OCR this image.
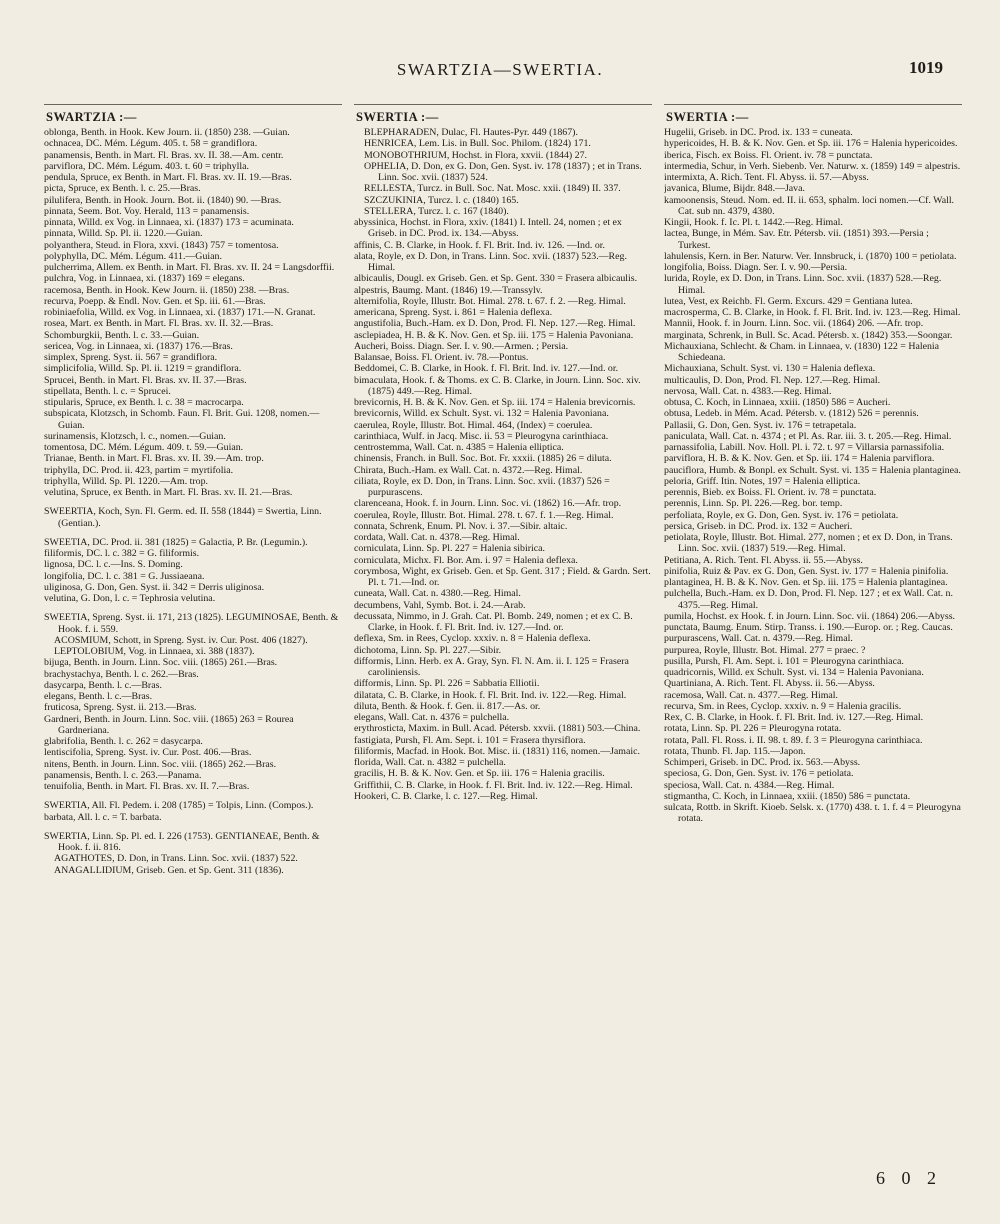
SWARTZIA—SWERTIA.	1019
SWARTZIA :—

oblonga, Benth. in Hook. Kew Journ. ii. (1850) 238. —Guian.

ochnacea, DC. Mém. Légum. 405. t. 58 = grandiflora.

panamensis, Benth. in Mart. Fl. Bras. xv. II. 38.—Am. centr.

parviflora, DC. Mém. Légum. 403. t. 60 = triphylla.

pendula, Spruce, ex Benth. in Mart. Fl. Bras. xv. II. 19.—Bras.

picta, Spruce, ex Benth. l. c. 25.—Bras.

pilulifera, Benth. in Hook. Journ. Bot. ii. (1840) 90. —Bras.

pinnata, Seem. Bot. Voy. Herald, 113 = panamensis.

pinnata, Willd. ex Vog. in Linnaea, xi. (1837) 173 = acuminata.

pinnata, Willd. Sp. Pl. ii. 1220.—Guian.

polyanthera, Steud. in Flora, xxvi. (1843) 757 = tomentosa.

polyphylla, DC. Mém. Légum. 411.—Guian.

pulcherrima, Allem. ex Benth. in Mart. Fl. Bras. xv. II. 24 = Langsdorffii.

pulchra, Vog. in Linnaea, xi. (1837) 169 = elegans.

racemosa, Benth. in Hook. Kew Journ. ii. (1850) 238. —Bras.

recurva, Poepp. & Endl. Nov. Gen. et Sp. iii. 61.—Bras.

robiniaefolia, Willd. ex Vog. in Linnaea, xi. (1837) 171.—N. Granat.

rosea, Mart. ex Benth. in Mart. Fl. Bras. xv. II. 32.—Bras.

Schomburgkii, Benth. l. c. 33.—Guian.

sericea, Vog. in Linnaea, xi. (1837) 176.—Bras.

simplex, Spreng. Syst. ii. 567 = grandiflora.

simplicifolia, Willd. Sp. Pl. ii. 1219 = grandiflora.

Sprucei, Benth. in Mart. Fl. Bras. xv. II. 37.—Bras.

stipellata, Benth. l. c. = Sprucei.

stipularis, Spruce, ex Benth. l. c. 38 = macrocarpa.

subspicata, Klotzsch, in Schomb. Faun. Fl. Brit. Gui. 1208, nomen.—Guian.

surinamensis, Klotzsch, l. c., nomen.—Guian.

tomentosa, DC. Mém. Légum. 409. t. 59.—Guian.

Trianae, Benth. in Mart. Fl. Bras. xv. II. 39.—Am. trop.

triphylla, DC. Prod. ii. 423, partim = myrtifolia.

triphylla, Willd. Sp. Pl. 1220.—Am. trop.

velutina, Spruce, ex Benth. in Mart. Fl. Bras. xv. II. 21.—Bras.

SWEERTIA, Koch, Syn. Fl. Germ. ed. II. 558 (1844) = Swertia, Linn. (Gentian.).

SWEETIA, DC. Prod. ii. 381 (1825) = Galactia, P. Br. (Legumin.).

filiformis, DC. l. c. 382 = G. filiformis.

lignosa, DC. l. c.—Ins. S. Doming.

longifolia, DC. l. c. 381 = G. Jussiaeana.

uliginosa, G. Don, Gen. Syst. ii. 342 = Derris uliginosa.

velutina, G. Don, l. c. = Tephrosia velutina.

SWEETIA, Spreng. Syst. ii. 171, 213 (1825). LEGUMINOSAE, Benth. & Hook. f. i. 559.

ACOSMIUM, Schott, in Spreng. Syst. iv. Cur. Post. 406 (1827).

LEPTOLOBIUM, Vog. in Linnaea, xi. 388 (1837).

bijuga, Benth. in Journ. Linn. Soc. viii. (1865) 261.—Bras.

brachystachya, Benth. l. c. 262.—Bras.

dasycarpa, Benth. l. c.—Bras.

elegans, Benth. l. c.—Bras.

fruticosa, Spreng. Syst. ii. 213.—Bras.

Gardneri, Benth. in Journ. Linn. Soc. viii. (1865) 263 = Rourea Gardneriana.

glabrifolia, Benth. l. c. 262 = dasycarpa.

lentiscifolia, Spreng. Syst. iv. Cur. Post. 406.—Bras.

nitens, Benth. in Journ. Linn. Soc. viii. (1865) 262.—Bras.

panamensis, Benth. l. c. 263.—Panama.

tenuifolia, Benth. in Mart. Fl. Bras. xv. II. 7.—Bras.

SWERTIA, All. Fl. Pedem. i. 208 (1785) = Tolpis, Linn. (Compos.).

barbata, All. l. c. = T. barbata.

SWERTIA, Linn. Sp. Pl. ed. I. 226 (1753). GENTIANEAE, Benth. & Hook. f. ii. 816.

AGATHOTES, D. Don, in Trans. Linn. Soc. xvii. (1837) 522.

ANAGALLIDIUM, Griseb. Gen. et Sp. Gent. 311 (1836).

SWERTIA :—

BLEPHARADEN, Dulac, Fl. Hautes-Pyr. 449 (1867).

HENRICEA, Lem. Lis. in Bull. Soc. Philom. (1824) 171.

MONOBOTHRIUM, Hochst. in Flora, xxvii. (1844) 27.

OPHELIA, D. Don, ex G. Don, Gen. Syst. iv. 178 (1837) ; et in Trans. Linn. Soc. xvii. (1837) 524.

RELLESTA, Turcz. in Bull. Soc. Nat. Mosc. xxii. (1849) II. 337.

SZCZUKINIA, Turcz. l. c. (1840) 165.

STELLERA, Turcz. l. c. 167 (1840).

abyssinica, Hochst. in Flora, xxiv. (1841) I. Intell. 24, nomen ; et ex Griseb. in DC. Prod. ix. 134.—Abyss.

affinis, C. B. Clarke, in Hook. f. Fl. Brit. Ind. iv. 126. —Ind. or.

alata, Royle, ex D. Don, in Trans. Linn. Soc. xvii. (1837) 523.—Reg. Himal.

albicaulis, Dougl. ex Griseb. Gen. et Sp. Gent. 330 = Frasera albicaulis.

alpestris, Baumg. Mant. (1846) 19.—Transsylv.

alternifolia, Royle, Illustr. Bot. Himal. 278. t. 67. f. 2. —Reg. Himal.

americana, Spreng. Syst. i. 861 = Halenia deflexa.

angustifolia, Buch.-Ham. ex D. Don, Prod. Fl. Nep. 127.—Reg. Himal.

asclepiadea, H. B. & K. Nov. Gen. et Sp. iii. 175 = Halenia Pavoniana.

Aucheri, Boiss. Diagn. Ser. I. v. 90.—Armen. ; Persia.

Balansae, Boiss. Fl. Orient. iv. 78.—Pontus.

Beddomei, C. B. Clarke, in Hook. f. Fl. Brit. Ind. iv. 127.—Ind. or.

bimaculata, Hook. f. & Thoms. ex C. B. Clarke, in Journ. Linn. Soc. xiv. (1875) 449.—Reg. Himal.

brevicornis, H. B. & K. Nov. Gen. et Sp. iii. 174 = Halenia brevicornis.

brevicornis, Willd. ex Schult. Syst. vi. 132 = Halenia Pavoniana.

caerulea, Royle, Illustr. Bot. Himal. 464, (Index) = coerulea.

carinthiaca, Wulf. in Jacq. Misc. ii. 53 = Pleurogyna carinthiaca.

centrostemma, Wall. Cat. n. 4385 = Halenia elliptica.

chinensis, Franch. in Bull. Soc. Bot. Fr. xxxii. (1885) 26 = diluta.

Chirata, Buch.-Ham. ex Wall. Cat. n. 4372.—Reg. Himal.

ciliata, Royle, ex D. Don, in Trans. Linn. Soc. xvii. (1837) 526 = purpurascens.

clarenceana, Hook. f. in Journ. Linn. Soc. vi. (1862) 16.—Afr. trop.

coerulea, Royle, Illustr. Bot. Himal. 278. t. 67. f. 1.—Reg. Himal.

connata, Schrenk, Enum. Pl. Nov. i. 37.—Sibir. altaic.

cordata, Wall. Cat. n. 4378.—Reg. Himal.

corniculata, Linn. Sp. Pl. 227 = Halenia sibirica.

corniculata, Michx. Fl. Bor. Am. i. 97 = Halenia deflexa.

corymbosa, Wight, ex Griseb. Gen. et Sp. Gent. 317 ; Field. & Gardn. Sert. Pl. t. 71.—Ind. or.

cuneata, Wall. Cat. n. 4380.—Reg. Himal.

decumbens, Vahl, Symb. Bot. i. 24.—Arab.

decussata, Nimmo, in J. Grah. Cat. Pl. Bomb. 249, nomen ; et ex C. B. Clarke, in Hook. f. Fl. Brit. Ind. iv. 127.—Ind. or.

deflexa, Sm. in Rees, Cyclop. xxxiv. n. 8 = Halenia deflexa.

dichotoma, Linn. Sp. Pl. 227.—Sibir.

difformis, Linn. Herb. ex A. Gray, Syn. Fl. N. Am. ii. I. 125 = Frasera caroliniensis.

difformis, Linn. Sp. Pl. 226 = Sabbatia Elliotii.

dilatata, C. B. Clarke, in Hook. f. Fl. Brit. Ind. iv. 122.—Reg. Himal.

diluta, Benth. & Hook. f. Gen. ii. 817.—As. or.

elegans, Wall. Cat. n. 4376 = pulchella.

erythrosticta, Maxim. in Bull. Acad. Pétersb. xxvii. (1881) 503.—China.

fastigiata, Pursh, Fl. Am. Sept. i. 101 = Frasera thyrsiflora.

filiformis, Macfad. in Hook. Bot. Misc. ii. (1831) 116, nomen.—Jamaic.

florida, Wall. Cat. n. 4382 = pulchella.

gracilis, H. B. & K. Nov. Gen. et Sp. iii. 176 = Halenia gracilis.

Griffithii, C. B. Clarke, in Hook. f. Fl. Brit. Ind. iv. 122.—Reg. Himal.

Hookeri, C. B. Clarke, l. c. 127.—Reg. Himal.

SWERTIA :—

Hugelii, Griseb. in DC. Prod. ix. 133 = cuneata.

hypericoides, H. B. & K. Nov. Gen. et Sp. iii. 176 = Halenia hypericoides.

iberica, Fisch. ex Boiss. Fl. Orient. iv. 78 = punctata.

intermedia, Schur, in Verh. Siebenb. Ver. Naturw. x. (1859) 149 = alpestris.

intermixta, A. Rich. Tent. Fl. Abyss. ii. 57.—Abyss.

javanica, Blume, Bijdr. 848.—Java.

kamoonensis, Steud. Nom. ed. II. ii. 653, sphalm. loci nomen.—Cf. Wall. Cat. sub nn. 4379, 4380.

Kingii, Hook. f. Ic. Pl. t. 1442.—Reg. Himal.

lactea, Bunge, in Mém. Sav. Etr. Pétersb. vii. (1851) 393.—Persia ; Turkest.

lahulensis, Kern. in Ber. Naturw. Ver. Innsbruck, i. (1870) 100 = petiolata.

longifolia, Boiss. Diagn. Ser. I. v. 90.—Persia.

lurida, Royle, ex D. Don, in Trans. Linn. Soc. xvii. (1837) 528.—Reg. Himal.

lutea, Vest, ex Reichb. Fl. Germ. Excurs. 429 = Gentiana lutea.

macrosperma, C. B. Clarke, in Hook. f. Fl. Brit. Ind. iv. 123.—Reg. Himal.

Mannii, Hook. f. in Journ. Linn. Soc. vii. (1864) 206. —Afr. trop.

marginata, Schrenk, in Bull. Sc. Acad. Pétersb. x. (1842) 353.—Soongar.

Michauxiana, Schlecht. & Cham. in Linnaea, v. (1830) 122 = Halenia Schiedeana.

Michauxiana, Schult. Syst. vi. 130 = Halenia deflexa.

multicaulis, D. Don, Prod. Fl. Nep. 127.—Reg. Himal.

nervosa, Wall. Cat. n. 4383.—Reg. Himal.

obtusa, C. Koch, in Linnaea, xxiii. (1850) 586 = Aucheri.

obtusa, Ledeb. in Mém. Acad. Pétersb. v. (1812) 526 = perennis.

Pallasii, G. Don, Gen. Syst. iv. 176 = tetrapetala.

paniculata, Wall. Cat. n. 4374 ; et Pl. As. Rar. iii. 3. t. 205.—Reg. Himal.

parnassifolia, Labill. Nov. Holl. Pl. i. 72. t. 97 = Villarsia parnassifolia.

parviflora, H. B. & K. Nov. Gen. et Sp. iii. 174 = Halenia parviflora.

pauciflora, Humb. & Bonpl. ex Schult. Syst. vi. 135 = Halenia plantaginea.

peloria, Griff. Itin. Notes, 197 = Halenia elliptica.

perennis, Bieb. ex Boiss. Fl. Orient. iv. 78 = punctata.

perennis, Linn. Sp. Pl. 226.—Reg. bor. temp.

perfoliata, Royle, ex G. Don, Gen. Syst. iv. 176 = petiolata.

persica, Griseb. in DC. Prod. ix. 132 = Aucheri.

petiolata, Royle, Illustr. Bot. Himal. 277, nomen ; et ex D. Don, in Trans. Linn. Soc. xvii. (1837) 519.—Reg. Himal.

Petitiana, A. Rich. Tent. Fl. Abyss. ii. 55.—Abyss.

pinifolia, Ruiz & Pav. ex G. Don, Gen. Syst. iv. 177 = Halenia pinifolia.

plantaginea, H. B. & K. Nov. Gen. et Sp. iii. 175 = Halenia plantaginea.

pulchella, Buch.-Ham. ex D. Don, Prod. Fl. Nep. 127 ; et ex Wall. Cat. n. 4375.—Reg. Himal.

pumila, Hochst. ex Hook. f. in Journ. Linn. Soc. vii. (1864) 206.—Abyss.

punctata, Baumg. Enum. Stirp. Transs. i. 190.—Europ. or. ; Reg. Caucas.

purpurascens, Wall. Cat. n. 4379.—Reg. Himal.

purpurea, Royle, Illustr. Bot. Himal. 277 = praec. ?

pusilla, Pursh, Fl. Am. Sept. i. 101 = Pleurogyna carinthiaca.

quadricornis, Willd. ex Schult. Syst. vi. 134 = Halenia Pavoniana.

Quartiniana, A. Rich. Tent. Fl. Abyss. ii. 56.—Abyss.

racemosa, Wall. Cat. n. 4377.—Reg. Himal.

recurva, Sm. in Rees, Cyclop. xxxiv. n. 9 = Halenia gracilis.

Rex, C. B. Clarke, in Hook. f. Fl. Brit. Ind. iv. 127.—Reg. Himal.

rotata, Linn. Sp. Pl. 226 = Pleurogyna rotata.

rotata, Pall. Fl. Ross. i. II. 98. t. 89. f. 3 = Pleurogyna carinthiaca.

rotata, Thunb. Fl. Jap. 115.—Japon.

Schimperi, Griseb. in DC. Prod. ix. 563.—Abyss.

speciosa, G. Don, Gen. Syst. iv. 176 = petiolata.

speciosa, Wall. Cat. n. 4384.—Reg. Himal.

stigmantha, C. Koch, in Linnaea, xxiii. (1850) 586 = punctata.

sulcata, Rottb. in Skrift. Kioeb. Selsk. x. (1770) 438. t. 1. f. 4 = Pleurogyna rotata.

6 0 2
